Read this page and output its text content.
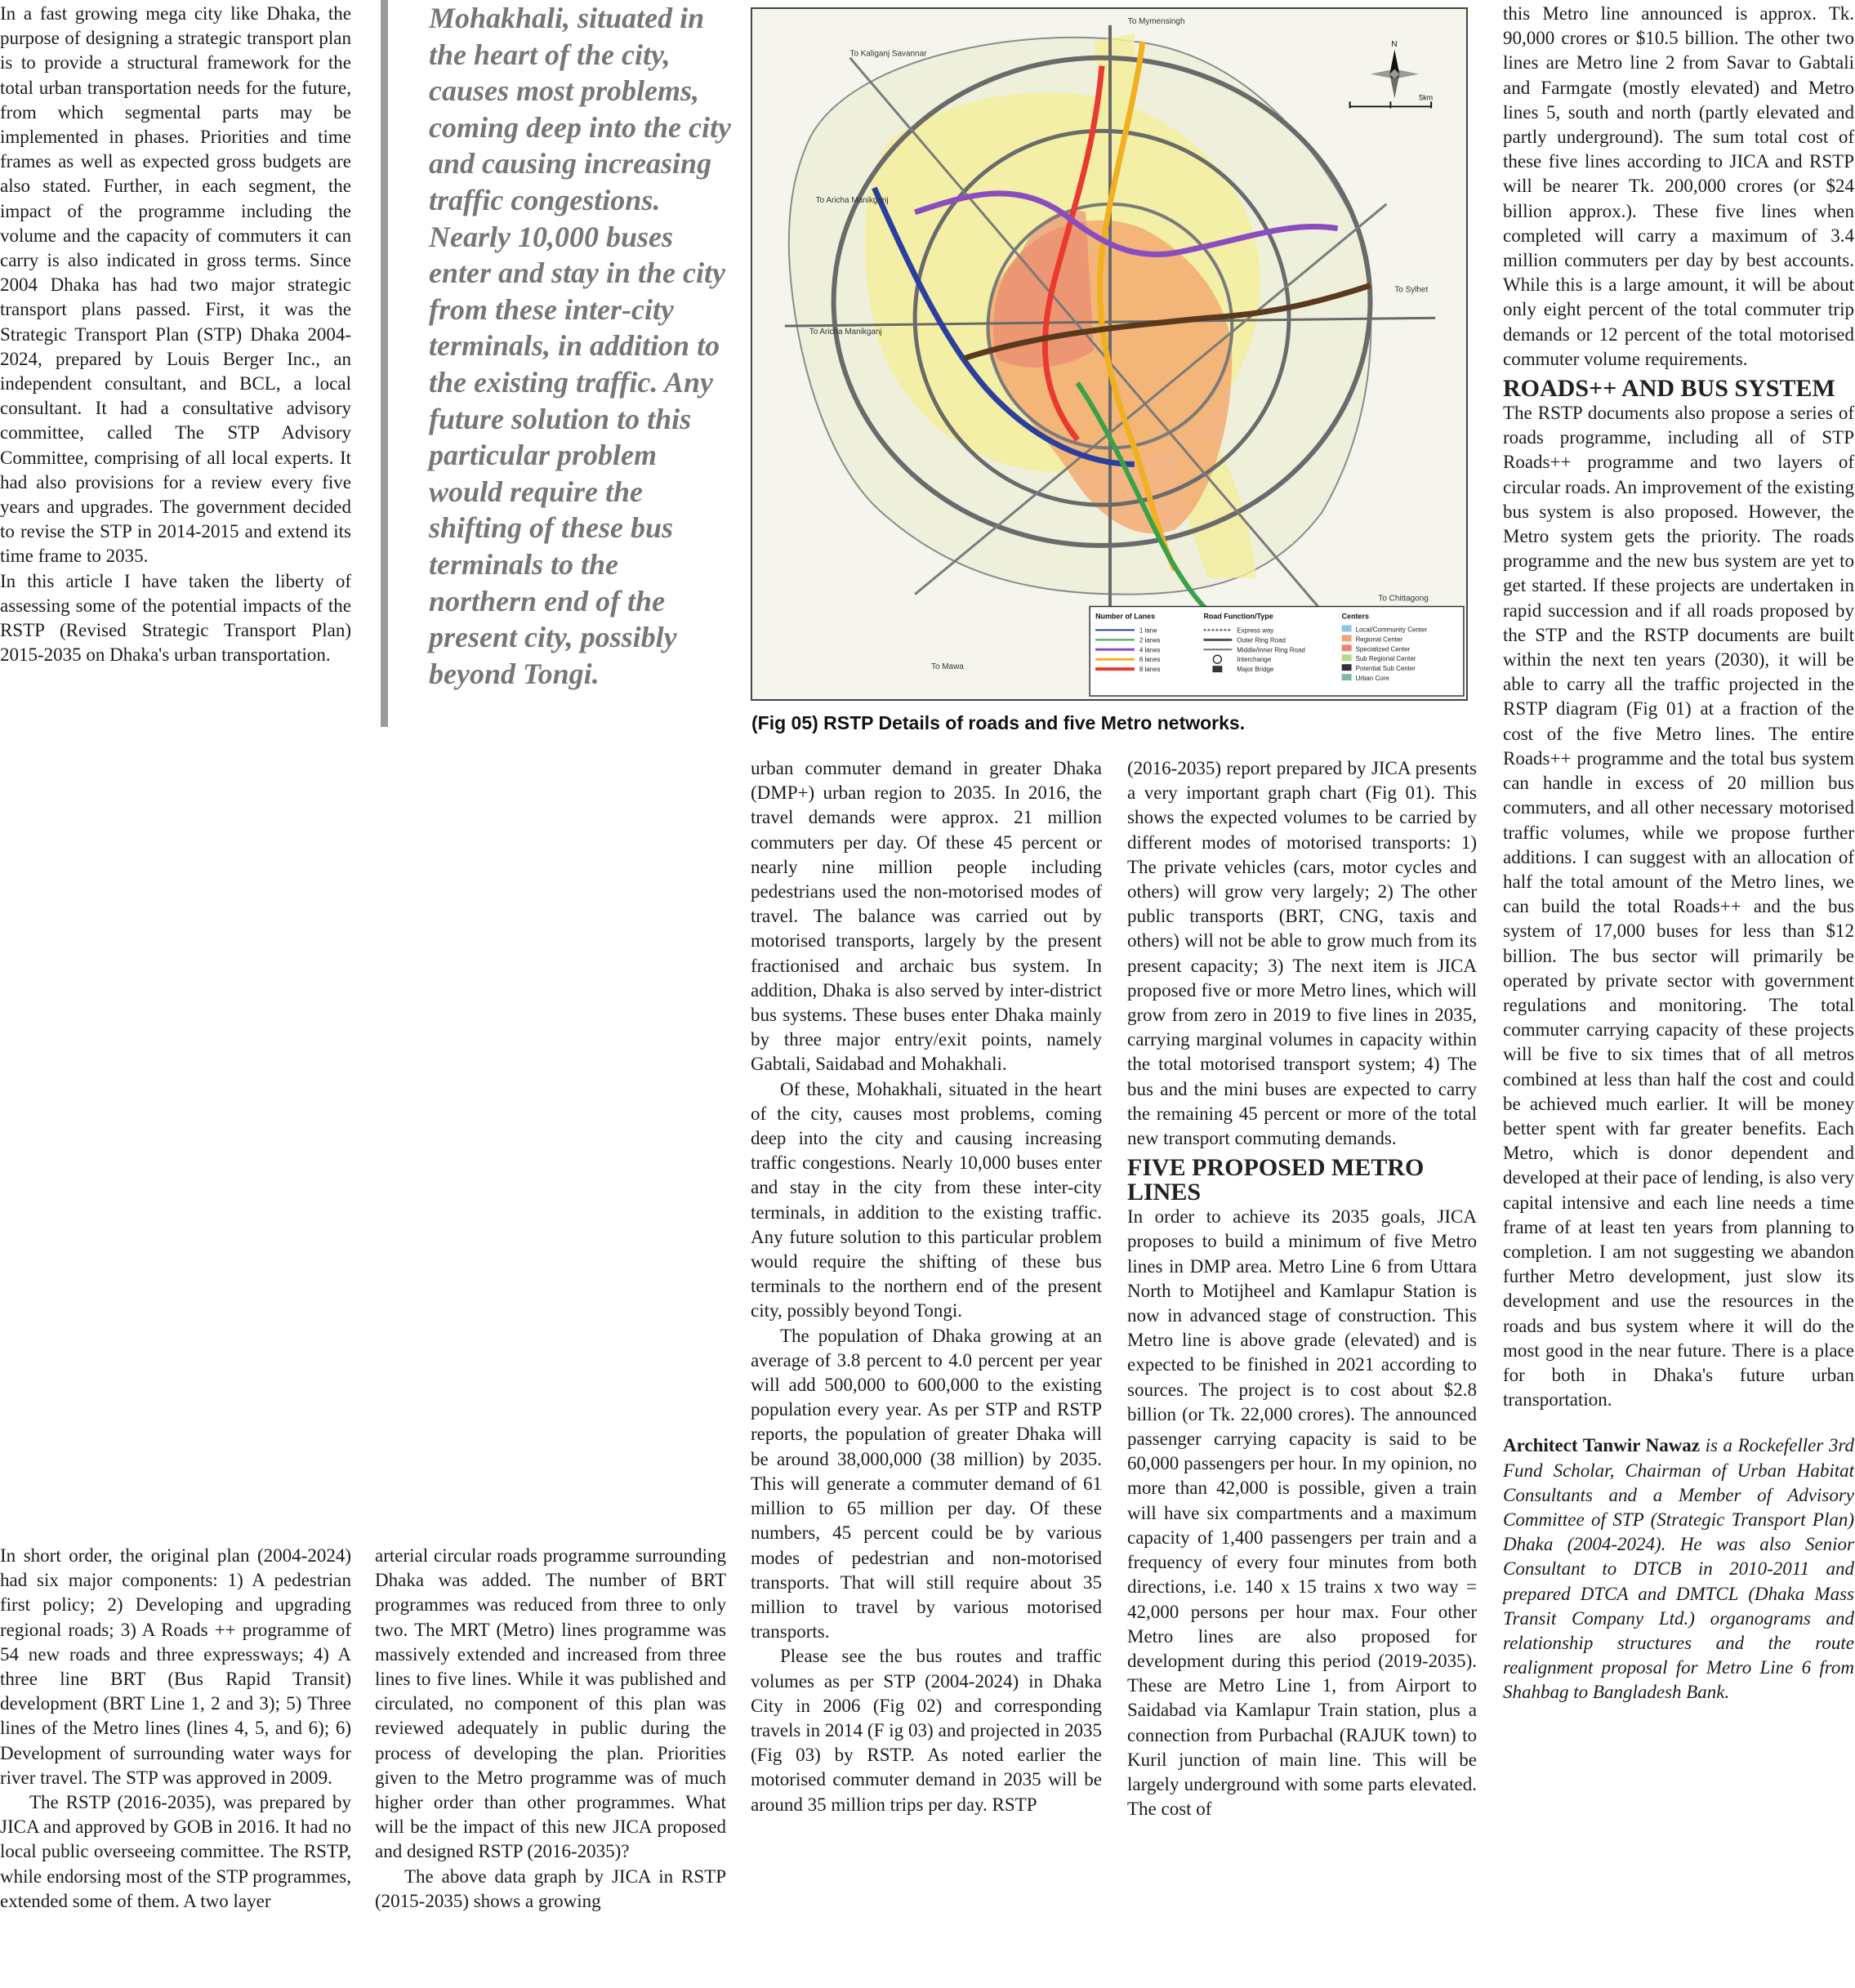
In a fast growing mega city like Dhaka, the purpose of designing a strategic transport plan is to provide a structural framework for the total urban transportation needs for the future, from which segmental parts may be implemented in phases. Priorities and time frames as well as expected gross budgets are also stated. Further, in each segment, the impact of the programme including the volume and the capacity of commuters it can carry is also indicated in gross terms. Since 2004 Dhaka has had two major strategic transport plans passed. First, it was the Strategic Transport Plan (STP) Dhaka 2004-2024, prepared by Louis Berger Inc., an independent consultant, and BCL, a local consultant. It had a consultative advisory committee, called The STP Advisory Committee, comprising of all local experts. It had also provisions for a review every five years and upgrades. The government decided to revise the STP in 2014-2015 and extend its time frame to 2035.

In this article I have taken the liberty of assessing some of the potential impacts of the RSTP (Revised Strategic Transport Plan) 2015-2035 on Dhaka's urban transportation.

Mohakhali, situated in the heart of the city, causes most problems, coming deep into the city and causing increasing traffic congestions. Nearly 10,000 buses enter and stay in the city from these inter-city terminals, in addition to the existing traffic. Any future solution to this particular problem would require the shifting of these bus terminals to the northern end of the present city, possibly beyond Tongi.

To Mymensingh
To Kaliganj Savannar
To Aricha Manikganj
To Aricha Manikganj
To Sylhet
To Chittagong
To Mawa
N
5km
Number of Lanes
1 lane
2 lanes
4 lanes
6 lanes
8 lanes
Road Function/Type
Express way
Outer Ring Road
Middle/Inner Ring Road
Interchange
Major Bridge
Centers
Local/Community Center
Regional Center
Specialized Center
Sub Regional Center
Potential Sub Center
Urban Core
(Fig 05) RSTP Details of roads and five Metro networks.

urban commuter demand in greater Dhaka (DMP+) urban region to 2035. In 2016, the travel demands were approx. 21 million commuters per day. Of these 45 percent or nearly nine million people including pedestrians used the non-motorised modes of travel. The balance was carried out by motorised transports, largely by the present fractionised and archaic bus system. In addition, Dhaka is also served by inter-district bus systems. These buses enter Dhaka mainly by three major entry/exit points, namely Gabtali, Saidabad and Mohakhali.

Of these, Mohakhali, situated in the heart of the city, causes most problems, coming deep into the city and causing increasing traffic congestions. Nearly 10,000 buses enter and stay in the city from these inter-city terminals, in addition to the existing traffic. Any future solution to this particular problem would require the shifting of these bus terminals to the northern end of the present city, possibly beyond Tongi.

The population of Dhaka growing at an average of 3.8 percent to 4.0 percent per year will add 500,000 to 600,000 to the existing population every year. As per STP and RSTP reports, the population of greater Dhaka will be around 38,000,000 (38 million) by 2035. This will generate a commuter demand of 61 million to 65 million per day. Of these numbers, 45 percent could be by various modes of pedestrian and non-motorised transports. That will still require about 35 million to travel by various motorised transports.

Please see the bus routes and traffic volumes as per STP (2004-2024) in Dhaka City in 2006 (Fig 02) and corresponding travels in 2014 (F ig 03) and projected in 2035 (Fig 03) by RSTP. As noted earlier the motorised commuter demand in 2035 will be around 35 million trips per day. RSTP

(2016-2035) report prepared by JICA presents a very important graph chart (Fig 01). This shows the expected volumes to be carried by different modes of motorised transports: 1) The private vehicles (cars, motor cycles and others) will grow very largely; 2) The other public transports (BRT, CNG, taxis and others) will not be able to grow much from its present capacity; 3) The next item is JICA proposed five or more Metro lines, which will grow from zero in 2019 to five lines in 2035, carrying marginal volumes in capacity within the total motorised transport system; 4) The bus and the mini buses are expected to carry the remaining 45 percent or more of the total new transport commuting demands.

FIVE PROPOSED METRO LINES

In order to achieve its 2035 goals, JICA proposes to build a minimum of five Metro lines in DMP area. Metro Line 6 from Uttara North to Motijheel and Kamlapur Station is now in advanced stage of construction. This Metro line is above grade (elevated) and is expected to be finished in 2021 according to sources. The project is to cost about $2.8 billion (or Tk. 22,000 crores). The announced passenger carrying capacity is said to be 60,000 passengers per hour. In my opinion, no more than 42,000 is possible, given a train will have six compartments and a maximum capacity of 1,400 passengers per train and a frequency of every four minutes from both directions, i.e. 140 x 15 trains x two way = 42,000 persons per hour max. Four other Metro lines are also proposed for development during this period (2019-2035). These are Metro Line 1, from Airport to Saidabad via Kamlapur Train station, plus a connection from Purbachal (RAJUK town) to Kuril junction of main line. This will be largely underground with some parts elevated. The cost of

this Metro line announced is approx. Tk. 90,000 crores or $10.5 billion. The other two lines are Metro line 2 from Savar to Gabtali and Farmgate (mostly elevated) and Metro lines 5, south and north (partly elevated and partly underground). The sum total cost of these five lines according to JICA and RSTP will be nearer Tk. 200,000 crores (or $24 billion approx.). These five lines when completed will carry a maximum of 3.4 million commuters per day by best accounts. While this is a large amount, it will be about only eight percent of the total commuter trip demands or 12 percent of the total motorised commuter volume requirements.

ROADS++ AND BUS SYSTEM

The RSTP documents also propose a series of roads programme, including all of STP Roads++ programme and two layers of circular roads. An improvement of the existing bus system is also proposed. However, the Metro system gets the priority. The roads programme and the new bus system are yet to get started. If these projects are undertaken in rapid succession and if all roads proposed by the STP and the RSTP documents are built within the next ten years (2030), it will be able to carry all the traffic projected in the RSTP diagram (Fig 01) at a fraction of the cost of the five Metro lines. The entire Roads++ programme and the total bus system can handle in excess of 20 million bus commuters, and all other necessary motorised traffic volumes, while we propose further additions. I can suggest with an allocation of half the total amount of the Metro lines, we can build the total Roads++ and the bus system of 17,000 buses for less than $12 billion. The bus sector will primarily be operated by private sector with government regulations and monitoring. The total commuter carrying capacity of these projects will be five to six times that of all metros combined at less than half the cost and could be achieved much earlier. It will be money better spent with far greater benefits. Each Metro, which is donor dependent and developed at their pace of lending, is also very capital intensive and each line needs a time frame of at least ten years from planning to completion. I am not suggesting we abandon further Metro development, just slow its development and use the resources in the roads and bus system where it will do the most good in the near future. There is a place for both in Dhaka's future urban transportation.

Architect Tanwir Nawaz is a Rockefeller 3rd Fund Scholar, Chairman of Urban Habitat Consultants and a Member of Advisory Committee of STP (Strategic Transport Plan) Dhaka (2004-2024). He was also Senior Consultant to DTCB in 2010-2011 and prepared DTCA and DMTCL (Dhaka Mass Transit Company Ltd.) organograms and relationship structures and the route realignment proposal for Metro Line 6 from Shahbag to Bangladesh Bank.

In short order, the original plan (2004-2024) had six major components: 1) A pedestrian first policy; 2) Developing and upgrading regional roads; 3) A Roads ++ programme of 54 new roads and three expressways; 4) A three line BRT (Bus Rapid Transit) development (BRT Line 1, 2 and 3); 5) Three lines of the Metro lines (lines 4, 5, and 6); 6) Development of surrounding water ways for river travel. The STP was approved in 2009.

The RSTP (2016-2035), was prepared by JICA and approved by GOB in 2016. It had no local public overseeing committee. The RSTP, while endorsing most of the STP programmes, extended some of them. A two layer

arterial circular roads programme surrounding Dhaka was added. The number of BRT programmes was reduced from three to only two. The MRT (Metro) lines programme was massively extended and increased from three lines to five lines. While it was published and circulated, no component of this plan was reviewed adequately in public during the process of developing the plan. Priorities given to the Metro programme was of much higher order than other programmes. What will be the impact of this new JICA proposed and designed RSTP (2016-2035)?

The above data graph by JICA in RSTP (2015-2035) shows a growing
